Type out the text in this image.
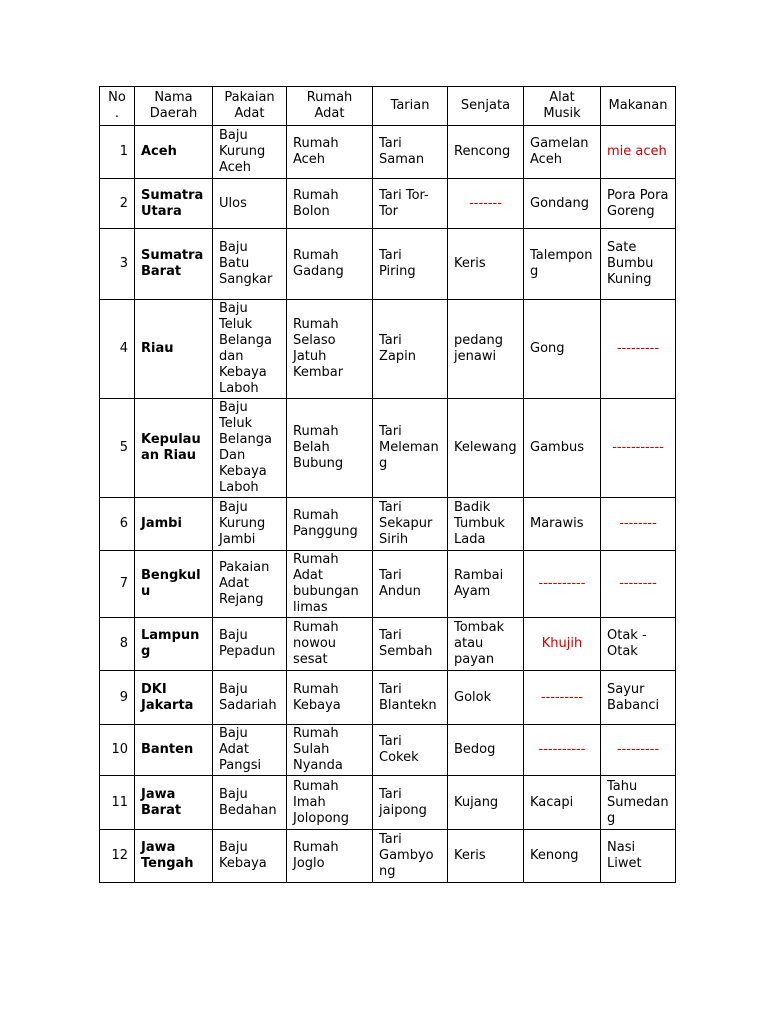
No .	Nama Daerah	Pakaian Adat	Rumah Adat	Tarian	Senjata	Alat Musik	Makanan
1	Aceh	Baju Kurung Aceh	Rumah Aceh	Tari Saman	Rencong	Gamelan Aceh	mie aceh
2	Sumatra Utara	Ulos	Rumah Bolon	Tari Tor-Tor	-------	Gondang	Pora Pora Goreng
3	Sumatra Barat	Baju Batu Sangkar	Rumah Gadang	Tari Piring	Keris	Talempong	Sate Bumbu Kuning
4	Riau	Baju Teluk Belanga dan Kebaya Laboh	Rumah Selaso Jatuh Kembar	Tari Zapin	pedang jenawi	Gong	---------
5	Kepulauan Riau	Baju Teluk Belanga Dan Kebaya Laboh	Rumah Belah Bubung	Tari Melemang	Kelewang	Gambus	-----------
6	Jambi	Baju Kurung Jambi	Rumah Panggung	Tari Sekapur Sirih	Badik Tumbuk Lada	Marawis	--------
7	Bengkulu	Pakaian Adat Rejang	Rumah Adat bubungan limas	Tari Andun	Rambai Ayam	----------	--------
8	Lampung	Baju Pepadun	Rumah nowou sesat	Tari Sembah	Tombak atau payan	Khujih	Otak - Otak
9	DKI Jakarta	Baju Sadariah	Rumah Kebaya	Tari Blantekn	Golok	---------	Sayur Babanci
10	Banten	Baju Adat Pangsi	Rumah Sulah Nyanda	Tari Cokek	Bedog	----------	---------
11	Jawa Barat	Baju Bedahan	Rumah Imah Jolopong	Tari jaipong	Kujang	Kacapi	Tahu Sumedang
12	Jawa Tengah	Baju Kebaya	Rumah Joglo	Tari Gambyong	Keris	Kenong	Nasi Liwet
